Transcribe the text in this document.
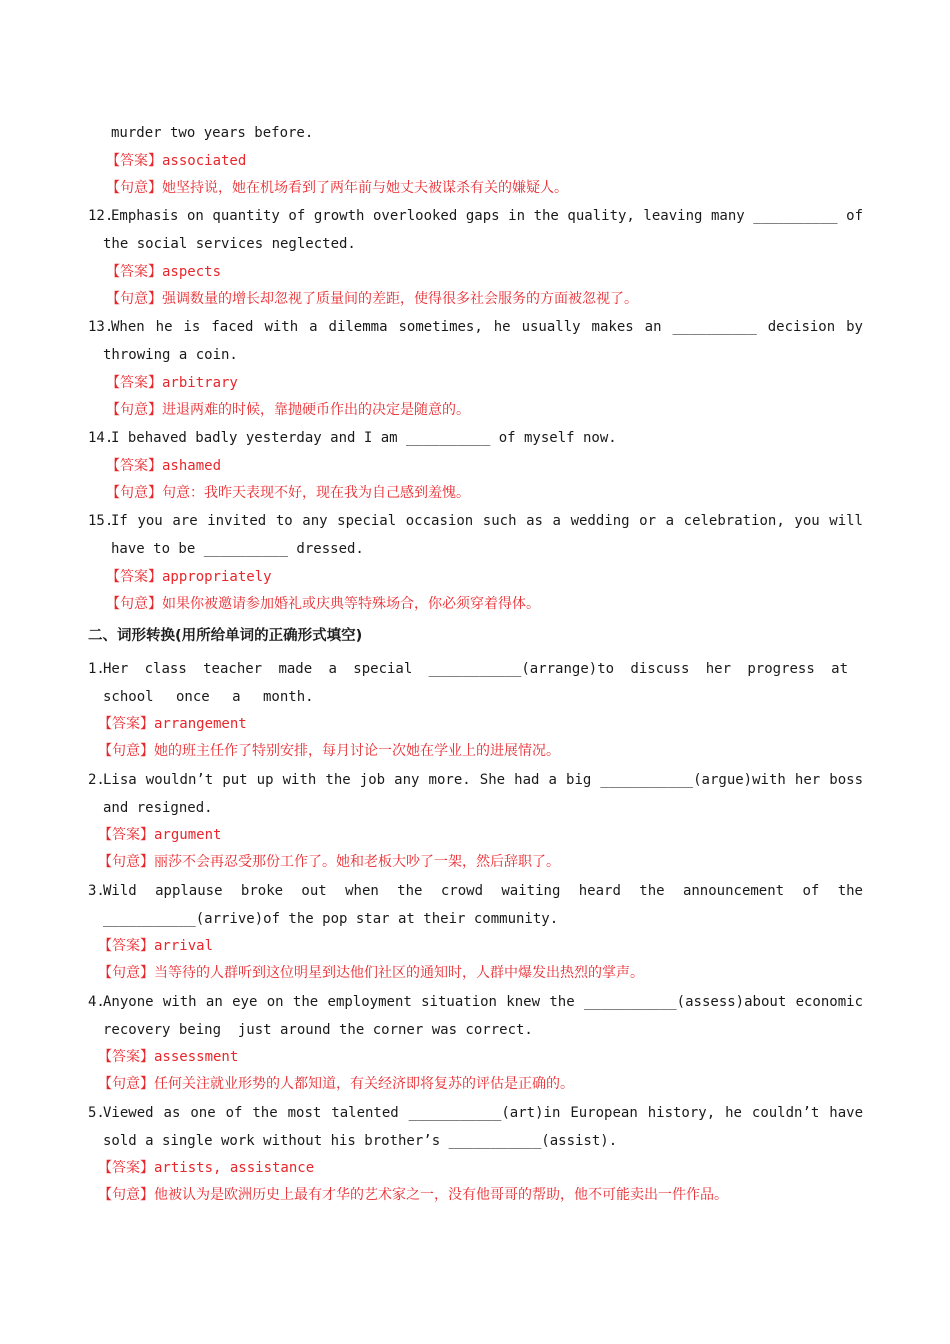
murder two years before.
【答案】associated
【句意】她坚持说，她在机场看到了两年前与她丈夫被谋杀有关的嫌疑人。
12.
Emphasis on quantity of growth overlooked gaps in the quality, leaving many __________ of
the social services neglected.
【答案】aspects
【句意】强调数量的增长却忽视了质量间的差距，使得很多社会服务的方面被忽视了。
13.
When he is faced with a dilemma sometimes, he usually makes an __________ decision by
throwing a coin.
【答案】arbitrary
【句意】进退两难的时候，靠抛硬币作出的决定是随意的。
14.
I behaved badly yesterday and I am __________ of myself now.
【答案】ashamed
【句意】句意：我昨天表现不好，现在我为自己感到羞愧。
15.
If you are invited to any special occasion such as a wedding or a celebration, you will
have to be __________ dressed.
【答案】appropriately
【句意】如果你被邀请参加婚礼或庆典等特殊场合，你必须穿着得体。
二、词形转换(用所给单词的正确形式填空)
1.
Her class teacher made a special ___________(arrange)to discuss her progress at
school once a month.
【答案】arrangement
【句意】她的班主任作了特别安排，每月讨论一次她在学业上的进展情况。
2.
Lisa wouldn’t put up with the job any more. She had a big ___________(argue)with her boss
and resigned.
【答案】argument
【句意】丽莎不会再忍受那份工作了。她和老板大吵了一架，然后辞职了。
3.
Wild applause broke out when the crowd waiting heard the announcement of the
___________(arrive)of the pop star at their community.
【答案】arrival
【句意】当等待的人群听到这位明星到达他们社区的通知时，人群中爆发出热烈的掌声。
4.
Anyone with an eye on the employment situation knew the ___________(assess)about economic
recovery being  just around the corner was correct.
【答案】assessment
【句意】任何关注就业形势的人都知道，有关经济即将复苏的评估是正确的。
5.
Viewed as one of the most talented ___________(art)in European history, he couldn’t have
sold a single work without his brother’s ___________(assist).
【答案】artists, assistance
【句意】他被认为是欧洲历史上最有才华的艺术家之一，没有他哥哥的帮助，他不可能卖出一件作品。
